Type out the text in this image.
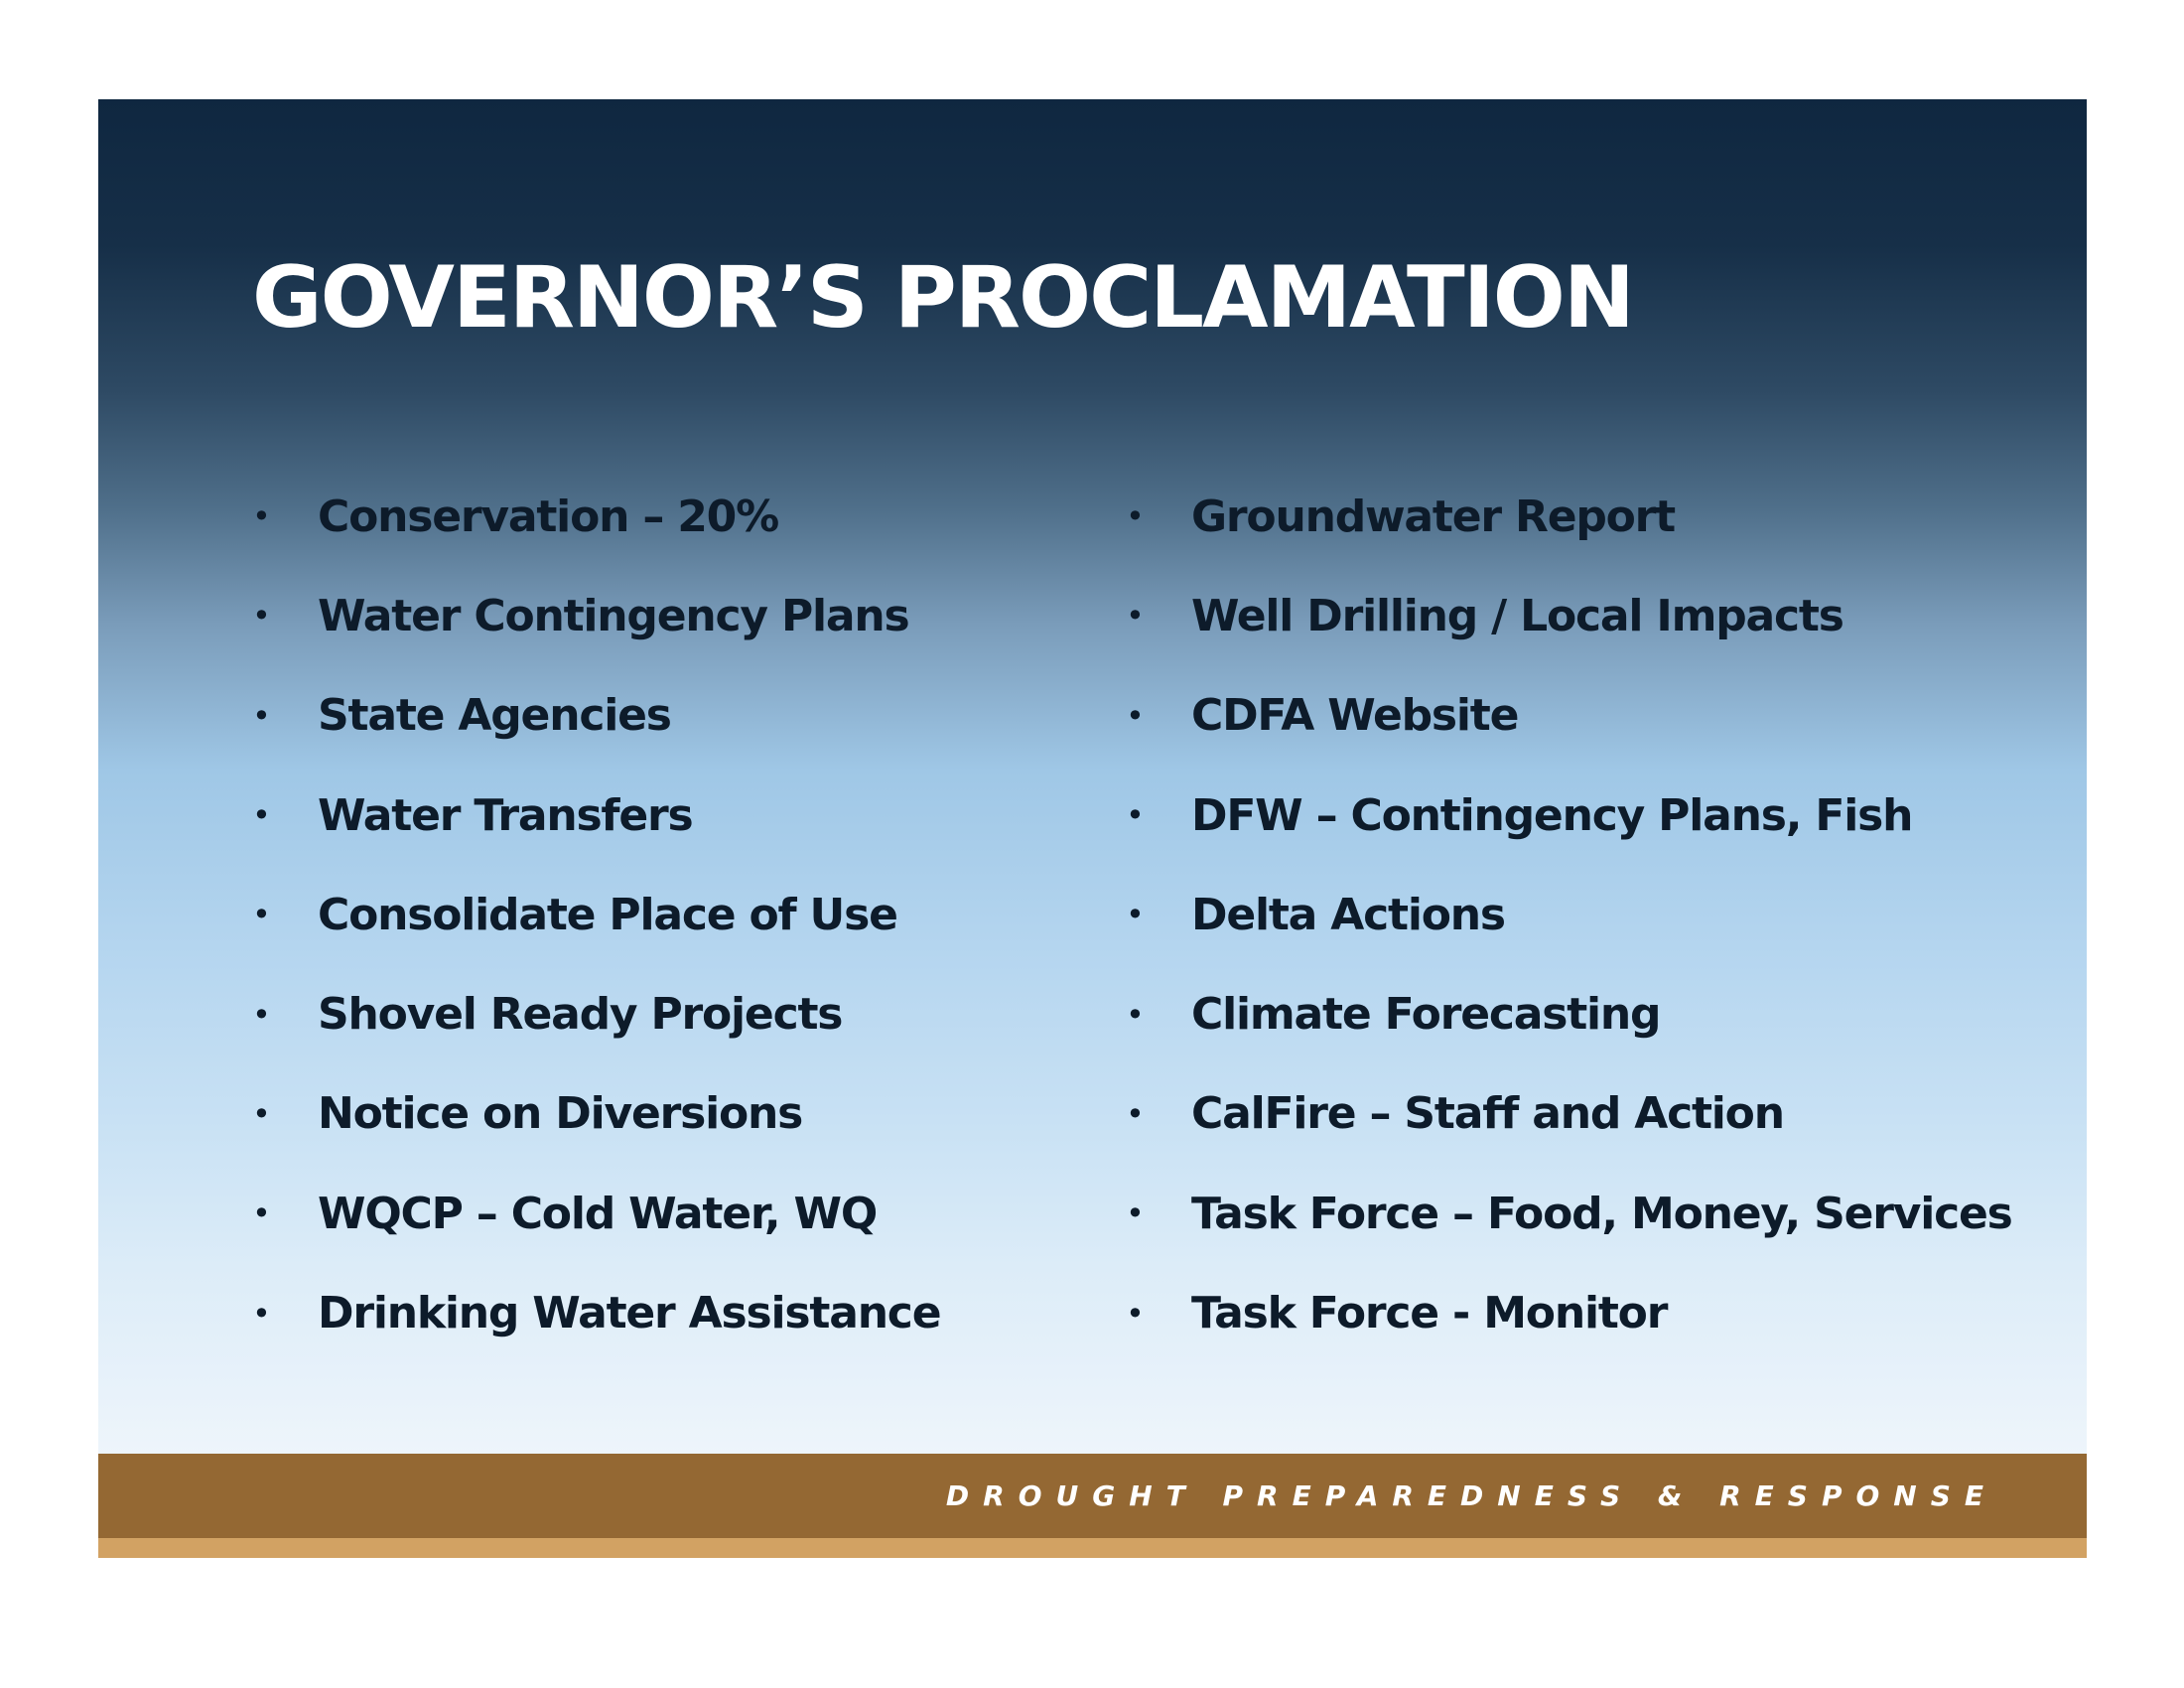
GOVERNOR’S PROCLAMATION
•	Conservation – 20%
•	Water Contingency Plans
•	State Agencies
•	Water Transfers
•	Consolidate Place of Use
•	Shovel Ready Projects
•	Notice on Diversions
•	WQCP – Cold Water, WQ
•	Drinking Water Assistance
•	Groundwater Report
•	Well Drilling / Local Impacts
•	CDFA Website
•	DFW – Contingency Plans, Fish
•	Delta Actions
•	Climate Forecasting
•	CalFire – Staff and Action
•	Task Force – Food, Money, Services
•	Task Force - Monitor
DROUGHT PREPAREDNESS & RESPONSE
